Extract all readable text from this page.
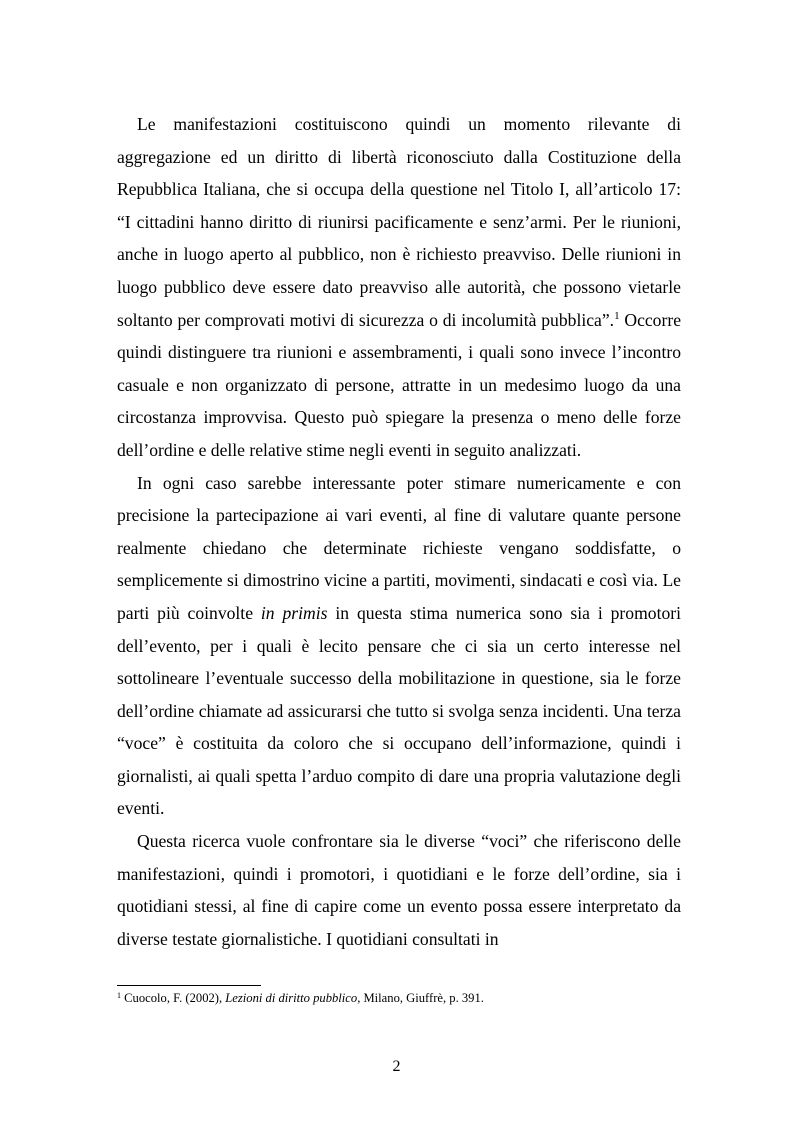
Le manifestazioni costituiscono quindi un momento rilevante di aggregazione ed un diritto di libertà riconosciuto dalla Costituzione della Repubblica Italiana, che si occupa della questione nel Titolo I, all’articolo 17: “I cittadini hanno diritto di riunirsi pacificamente e senz’armi. Per le riunioni, anche in luogo aperto al pubblico, non è richiesto preavviso. Delle riunioni in luogo pubblico deve essere dato preavviso alle autorità, che possono vietarle soltanto per comprovati motivi di sicurezza o di incolumità pubblica”.$^1$ Occorre quindi distinguere tra riunioni e assembramenti, i quali sono invece l’incontro casuale e non organizzato di persone, attratte in un medesimo luogo da una circostanza improvvisa. Questo può spiegare la presenza o meno delle forze dell’ordine e delle relative stime negli eventi in seguito analizzati.

In ogni caso sarebbe interessante poter stimare numericamente e con precisione la partecipazione ai vari eventi, al fine di valutare quante persone realmente chiedano che determinate richieste vengano soddisfatte, o semplicemente si dimostrino vicine a partiti, movimenti, sindacati e così via. Le parti più coinvolte in primis in questa stima numerica sono sia i promotori dell’evento, per i quali è lecito pensare che ci sia un certo interesse nel sottolineare l’eventuale successo della mobilitazione in questione, sia le forze dell’ordine chiamate ad assicurarsi che tutto si svolga senza incidenti. Una terza “voce” è costituita da coloro che si occupano dell’informazione, quindi i giornalisti, ai quali spetta l’arduo compito di dare una propria valutazione degli eventi.

Questa ricerca vuole confrontare sia le diverse “voci” che riferiscono delle manifestazioni, quindi i promotori, i quotidiani e le forze dell’ordine, sia i quotidiani stessi, al fine di capire come un evento possa essere interpretato da diverse testate giornalistiche. I quotidiani consultati in

$^1$ Cuocolo, F. (2002), Lezioni di diritto pubblico, Milano, Giuffrè, p. 391.
2
